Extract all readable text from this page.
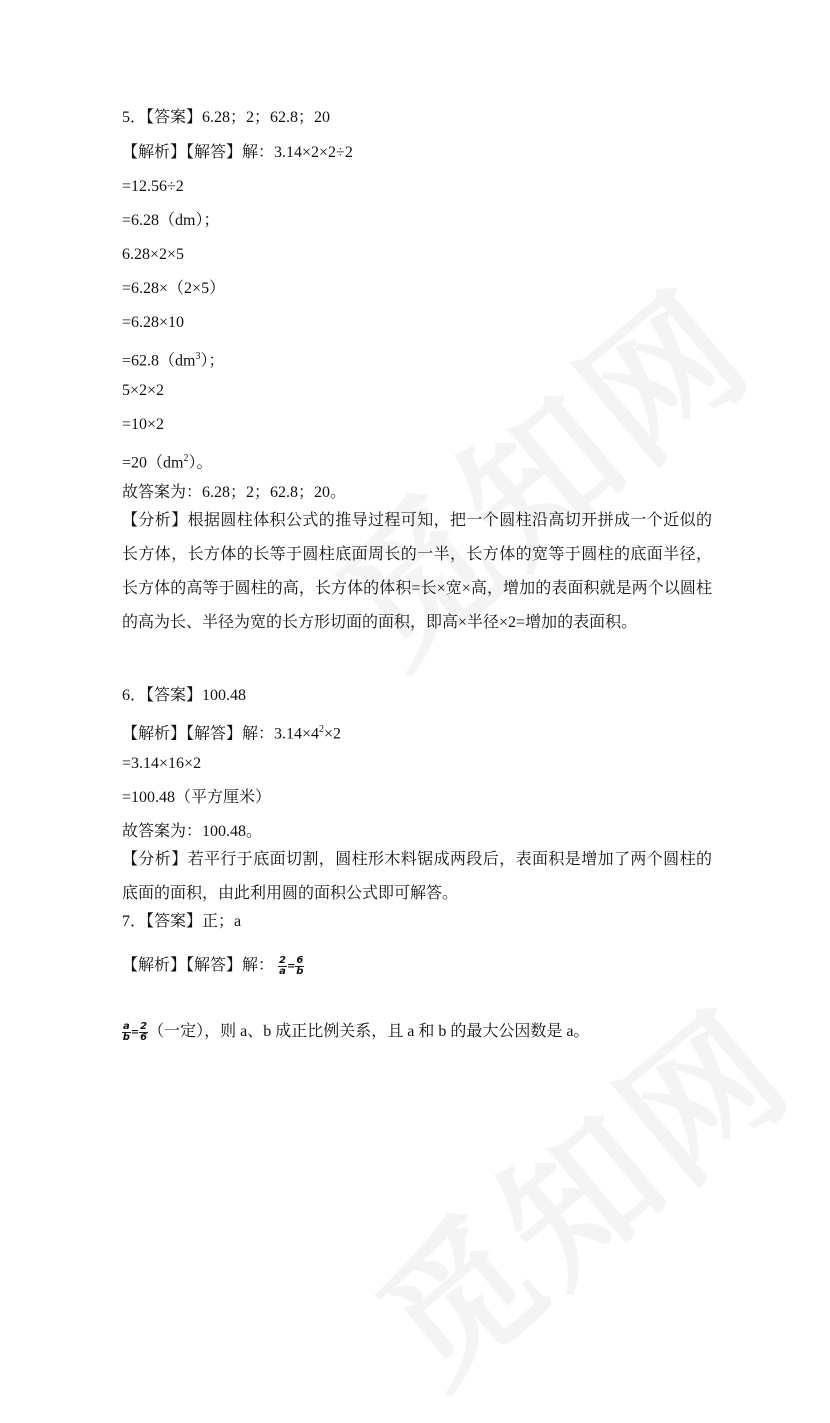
5．【答案】6.28；2；62.8；20
【解析】【解答】解：3.14×2×2÷2
=12.56÷2
=6.28（dm）；
6.28×2×5
=6.28×（2×5）
=6.28×10
$=62.8(dm^3)$；
5×2×2
=10×2
$=20(dm^2)$。
故答案为：6.28；2；62.8；20。
【分析】根据圆柱体积公式的推导过程可知，把一个圆柱沿高切开拼成一个近似的长方体，长方体的长等于圆柱底面周长的一半，长方体的宽等于圆柱的底面半径，长方体的高等于圆柱的高，长方体的体积=长×宽×高，增加的表面积就是两个以圆柱的高为长、半径为宽的长方形切面的面积，即高×半径×2=增加的表面积。
6．【答案】100.48
【解析】【解答】解：$3.14\times 4^2\times 2$
=3.14×16×2
=100.48（平方厘米）
故答案为：100.48。
【分析】若平行于底面切割，圆柱形木料锯成两段后，表面积是增加了两个圆柱的底面的面积，由此利用圆的面积公式即可解答。
7．【答案】正；a
【解析】【解答】解： $\frac{2}{a} = \frac{6}{b}$
$\frac{a}{b} = \frac{2}{6}$ （一定），则 a、b 成正比例关系，且 a 和 b 的最大公因数是 a。
